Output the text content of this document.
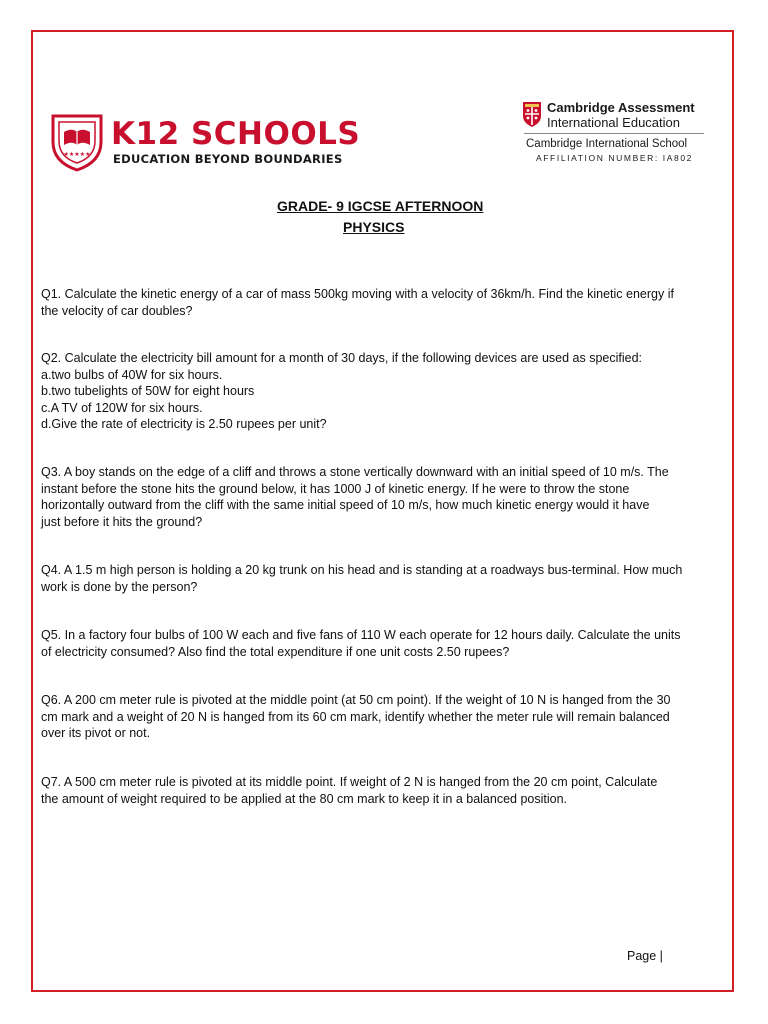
★★★★★
K12 SCHOOLS
EDUCATION BEYOND BOUNDARIES
Cambridge Assessment
International Education
Cambridge International School
AFFILIATION NUMBER: IA802
GRADE- 9 IGCSE AFTERNOON
PHYSICS
Q1. Calculate the kinetic energy of a car of mass 500kg moving with a velocity of 36km/h. Find the kinetic energy if
the velocity of car doubles?
Q2. Calculate the electricity bill amount for a month of 30 days, if the following devices are used as specified:
a.two bulbs of 40W for six hours.
b.two tubelights of 50W for eight hours
c.A TV of 120W for six hours.
d.Give the rate of electricity is 2.50 rupees per unit?
Q3. A boy stands on the edge of a cliff and throws a stone vertically downward with an initial speed of 10 m/s. The
instant before the stone hits the ground below, it has 1000 J of kinetic energy. If he were to throw the stone
horizontally outward from the cliff with the same initial speed of 10 m/s, how much kinetic energy would it have
just before it hits the ground?
Q4. A 1.5 m high person is holding a 20 kg trunk on his head and is standing at a roadways bus-terminal. How much
work is done by the person?
Q5. In a factory four bulbs of 100 W each and five fans of 110 W each operate for 12 hours daily. Calculate the units
of electricity consumed? Also find the total expenditure if one unit costs 2.50 rupees?
Q6. A 200 cm meter rule is pivoted at the middle point (at 50 cm point). If the weight of 10 N is hanged from the 30
cm mark and a weight of 20 N is hanged from its 60 cm mark, identify whether the meter rule will remain balanced
over its pivot or not.
Q7. A 500 cm meter rule is pivoted at its middle point. If weight of 2 N is hanged from the 20 cm point, Calculate
the amount of weight required to be applied at the 80 cm mark to keep it in a balanced position.
Page |
